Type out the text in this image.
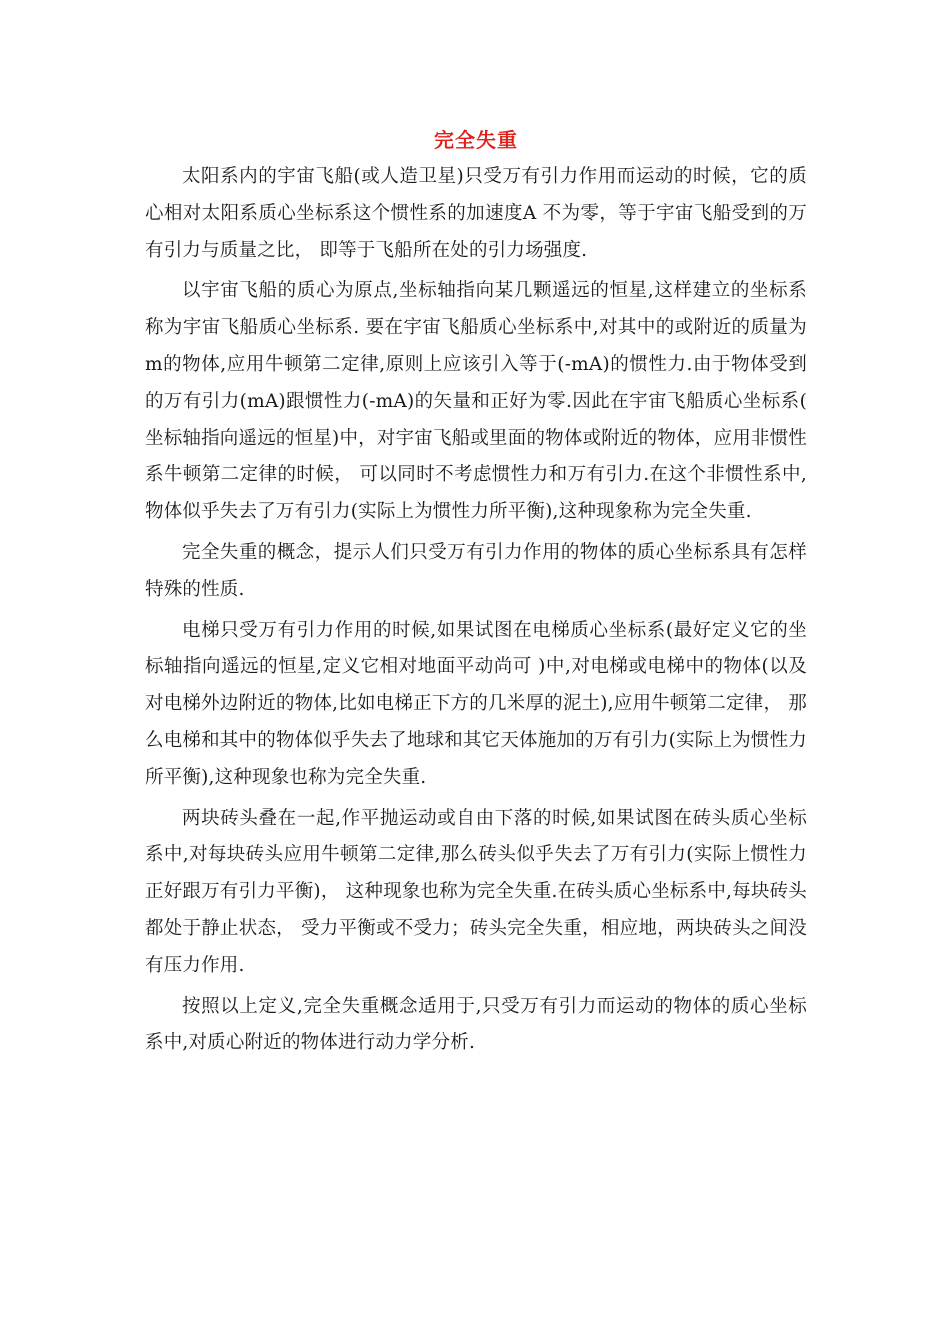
完全失重

太阳系内的宇宙飞船(或人造卫星)只受万有引力作用而运动的时候，它的质心相对太阳系质心坐标系这个惯性系的加速度A 不为零，等于宇宙飞船受到的万有引力与质量之比， 即等于飞船所在处的引力场强度.

以宇宙飞船的质心为原点,坐标轴指向某几颗遥远的恒星,这样建立的坐标系称为宇宙飞船质心坐标系. 要在宇宙飞船质心坐标系中,对其中的或附近的质量为m的物体,应用牛顿第二定律,原则上应该引入等于(-mA)的惯性力.由于物体受到的万有引力(mA)跟惯性力(-mA)的矢量和正好为零.因此在宇宙飞船质心坐标系( 坐标轴指向遥远的恒星)中，对宇宙飞船或里面的物体或附近的物体，应用非惯性系牛顿第二定律的时候， 可以同时不考虑惯性力和万有引力.在这个非惯性系中,物体似乎失去了万有引力(实际上为惯性力所平衡),这种现象称为完全失重.

完全失重的概念，提示人们只受万有引力作用的物体的质心坐标系具有怎样特殊的性质.

电梯只受万有引力作用的时候,如果试图在电梯质心坐标系(最好定义它的坐标轴指向遥远的恒星,定义它相对地面平动尚可 )中,对电梯或电梯中的物体(以及对电梯外边附近的物体,比如电梯正下方的几米厚的泥土),应用牛顿第二定律， 那么电梯和其中的物体似乎失去了地球和其它天体施加的万有引力(实际上为惯性力所平衡),这种现象也称为完全失重.

两块砖头叠在一起,作平抛运动或自由下落的时候,如果试图在砖头质心坐标系中,对每块砖头应用牛顿第二定律,那么砖头似乎失去了万有引力(实际上惯性力正好跟万有引力平衡)， 这种现象也称为完全失重.在砖头质心坐标系中,每块砖头都处于静止状态， 受力平衡或不受力；砖头完全失重，相应地，两块砖头之间没有压力作用.

按照以上定义,完全失重概念适用于,只受万有引力而运动的物体的质心坐标系中,对质心附近的物体进行动力学分析.
